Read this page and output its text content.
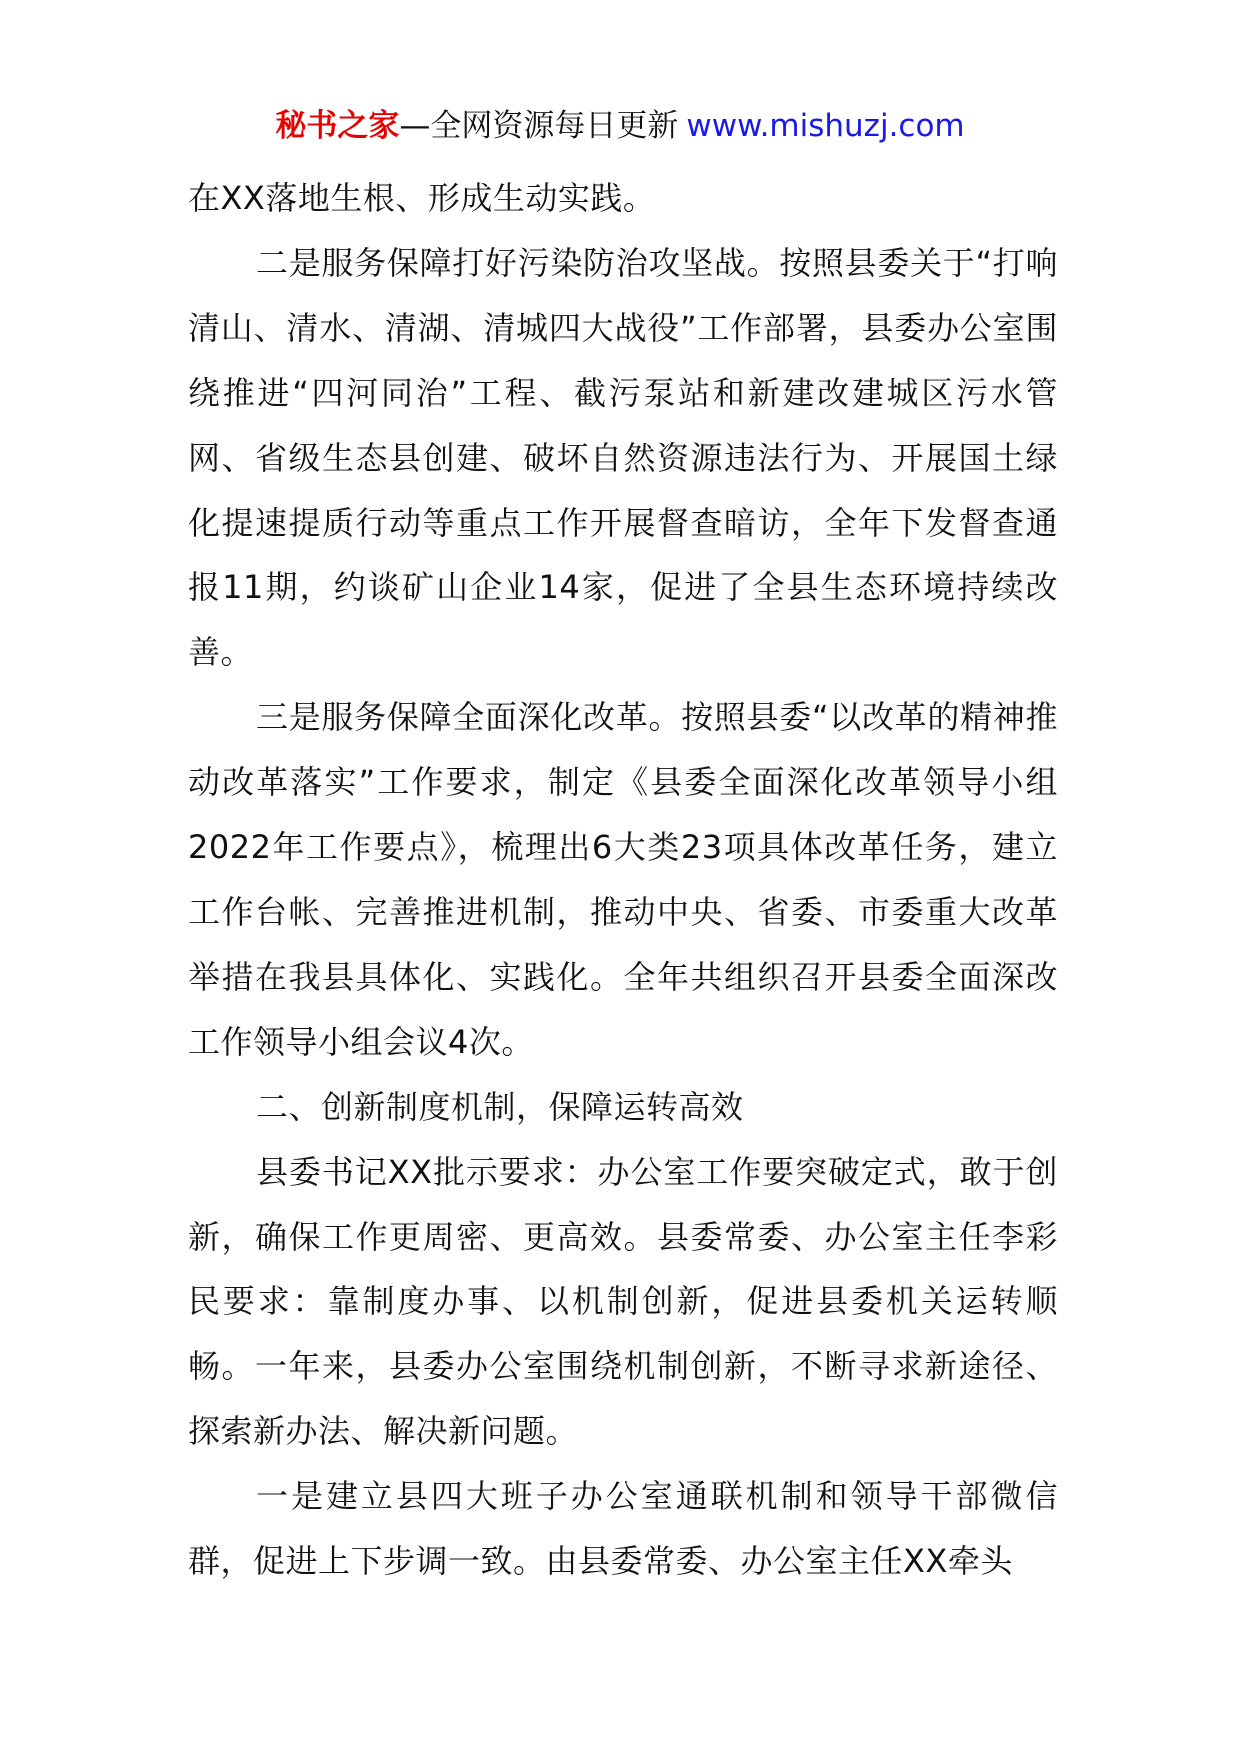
秘书之家—全网资源每日更新 www.mishuzj.com

在XX落地生根、形成生动实践。

二是服务保障打好污染防治攻坚战。按照县委关于“打响清山、清水、清湖、清城四大战役”工作部署，县委办公室围绕推进“四河同治”工程、截污泵站和新建改建城区污水管网、省级生态县创建、破坏自然资源违法行为、开展国土绿化提速提质行动等重点工作开展督查暗访，全年下发督查通报11期，约谈矿山企业14家，促进了全县生态环境持续改善。

三是服务保障全面深化改革。按照县委“以改革的精神推动改革落实”工作要求，制定《县委全面深化改革领导小组2022年工作要点》，梳理出6大类23项具体改革任务，建立工作台帐、完善推进机制，推动中央、省委、市委重大改革举措在我县具体化、实践化。全年共组织召开县委全面深改工作领导小组会议4次。

二、创新制度机制，保障运转高效

县委书记XX批示要求：办公室工作要突破定式，敢于创新，确保工作更周密、更高效。县委常委、办公室主任李彩民要求：靠制度办事、以机制创新，促进县委机关运转顺畅。一年来，县委办公室围绕机制创新，不断寻求新途径、探索新办法、解决新问题。

一是建立县四大班子办公室通联机制和领导干部微信群，促进上下步调一致。由县委常委、办公室主任XX牵头
